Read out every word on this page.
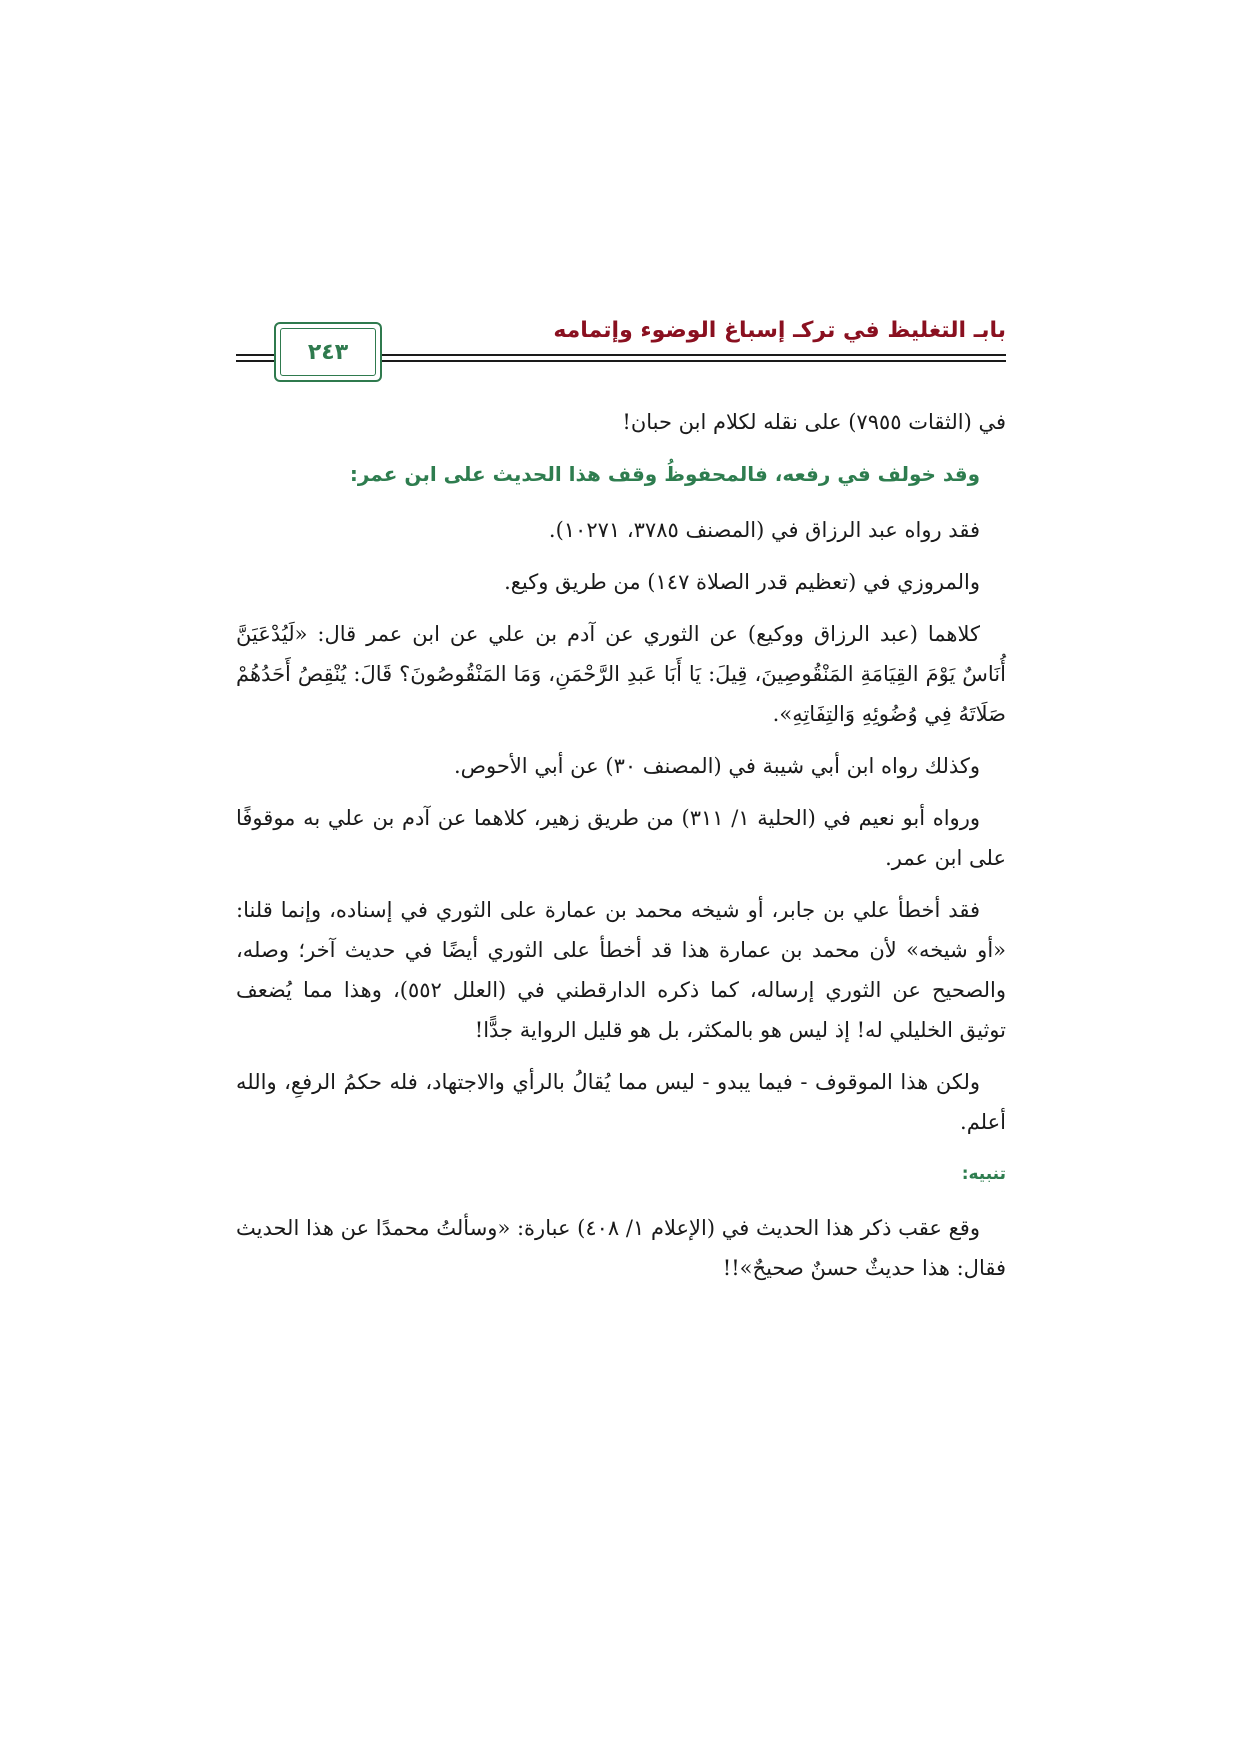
بابـ التغليظ في تركـ إسباغ الوضوء وإتمامه
٢٤٣

في (الثقات ٧٩٥٥) على نقله لكلام ابن حبان!

وقد خولف في رفعه، فالمحفوظُ وقف هذا الحديث على ابن عمر:

فقد رواه عبد الرزاق في (المصنف ٣٧٨٥، ١٠٢٧١).

والمروزي في (تعظيم قدر الصلاة ١٤٧) من طريق وكيع.

كلاهما (عبد الرزاق ووكيع) عن الثوري عن آدم بن علي عن ابن عمر قال: «لَيُدْعَيَنَّ أُنَاسٌ يَوْمَ القِيَامَةِ المَنْقُوصِينَ، قِيلَ: يَا أَبَا عَبدِ الرَّحْمَنِ، وَمَا المَنْقُوصُونَ؟ قَالَ: يُنْقِصُ أَحَدُهُمْ صَلَاتَهُ فِي وُضُوئِهِ وَالتِفَاتِهِ».

وكذلك رواه ابن أبي شيبة في (المصنف ٣٠) عن أبي الأحوص.

ورواه أبو نعيم في (الحلية ١/ ٣١١) من طريق زهير، كلاهما عن آدم بن علي به موقوفًا على ابن عمر.

فقد أخطأ علي بن جابر، أو شيخه محمد بن عمارة على الثوري في إسناده، وإنما قلنا: «أو شيخه» لأن محمد بن عمارة هذا قد أخطأ على الثوري أيضًا في حديث آخر؛ وصله، والصحيح عن الثوري إرساله، كما ذكره الدارقطني في (العلل ٥٥٢)، وهذا مما يُضعف توثيق الخليلي له! إذ ليس هو بالمكثر، بل هو قليل الرواية جدًّا!

ولكن هذا الموقوف - فيما يبدو - ليس مما يُقالُ بالرأي والاجتهاد، فله حكمُ الرفعِ، والله أعلم.

تنبيه:

وقع عقب ذكر هذا الحديث في (الإعلام ١/ ٤٠٨) عبارة: «وسألتُ محمدًا عن هذا الحديث فقال: هذا حديثٌ حسنٌ صحيحٌ»!!
